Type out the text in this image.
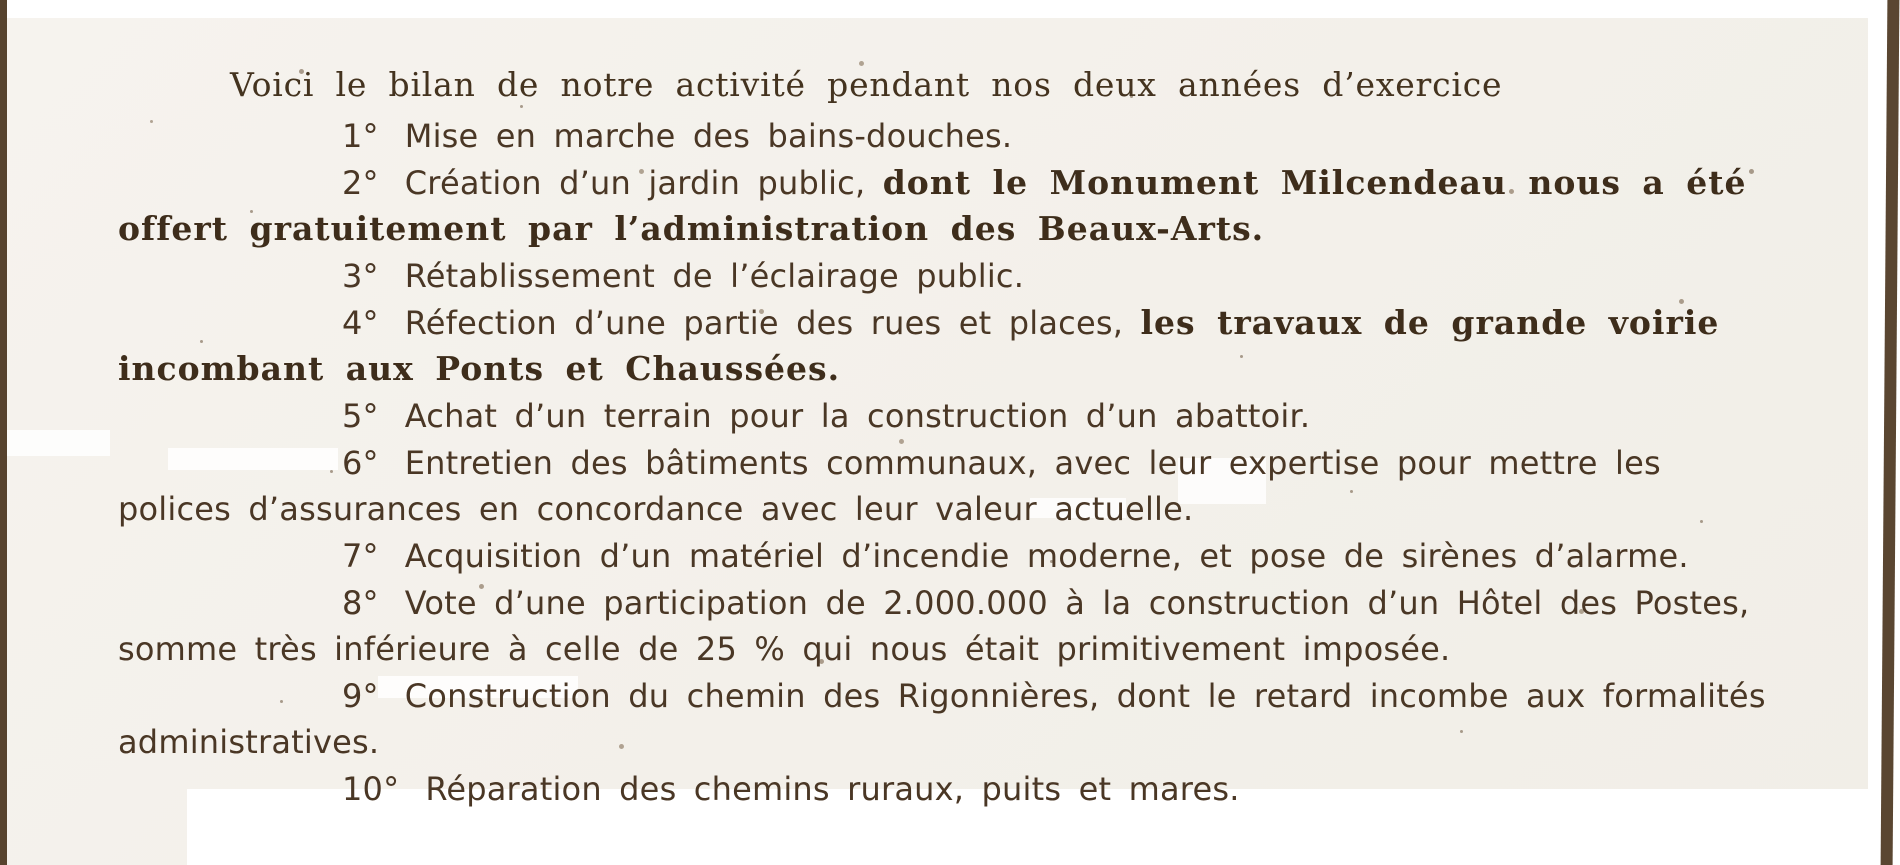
Voici le bilan de notre activité pendant nos deux années d’exercice

1° Mise en marche des bains-douches.

2° Création d’un jardin public, dont le Monument Milcendeau nous a été offert gratuitement par l’administration des Beaux-Arts.

3° Rétablissement de l’éclairage public.

4° Réfection d’une partie des rues et places, les travaux de grande voirie incombant aux Ponts et Chaussées.

5° Achat d’un terrain pour la construction d’un abattoir.

6° Entretien des bâtiments communaux, avec leur expertise pour mettre les polices d’assurances en concordance avec leur valeur actuelle.

7° Acquisition d’un matériel d’incendie moderne, et pose de sirènes d’alarme.

8° Vote d’une participation de 2.000.000 à la construction d’un Hôtel des Postes, somme très inférieure à celle de 25 % qui nous était primitivement imposée.

9° Construction du chemin des Rigonnières, dont le retard incombe aux formalités administratives.

10° Réparation des chemins ruraux, puits et mares.
